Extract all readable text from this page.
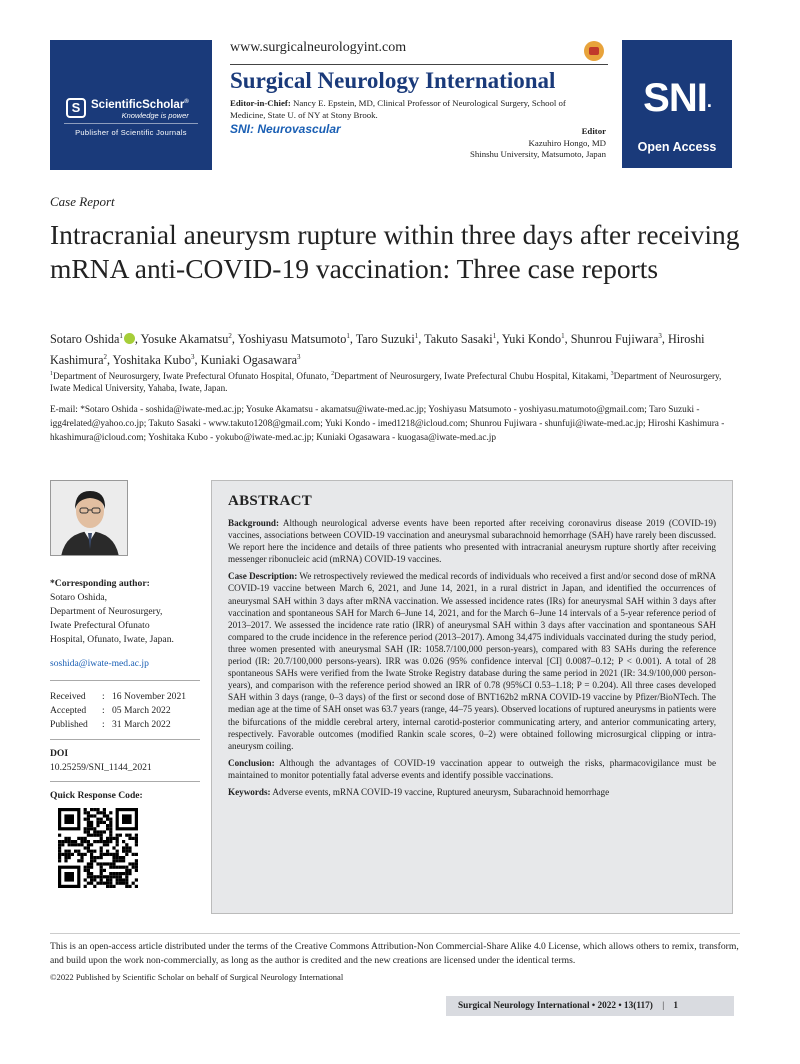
S ScientificScholar®
Knowledge is power
Publisher of Scientific Journals
www.surgicalneurologyint.com
Surgical Neurology International
Editor-in-Chief: Nancy E. Epstein, MD, Clinical Professor of Neurological Surgery, School of Medicine, State U. of NY at Stony Brook.
SNI: Neurovascular	Editor
Kazuhiro Hongo, MD
Shinshu University, Matsumoto, Japan
SNI.
Open Access
Case Report
Intracranial aneurysm rupture within three days after receiving mRNA anti-COVID-19 vaccination: Three case reports
Sotaro Oshida$^1$ , Yosuke Akamatsu$^2$, Yoshiyasu Matsumoto$^1$, Taro Suzuki$^1$, Takuto Sasaki$^1$, Yuki Kondo$^1$, Shunrou Fujiwara$^3$, Hiroshi Kashimura$^2$, Yoshitaka Kubo$^3$, Kuniaki Ogasawara$^3$
$^1$Department of Neurosurgery, Iwate Prefectural Ofunato Hospital, Ofunato, $^2$Department of Neurosurgery, Iwate Prefectural Chubu Hospital, Kitakami, $^3$Department of Neurosurgery, Iwate Medical University, Yahaba, Iwate, Japan.
E-mail: *Sotaro Oshida - soshida@iwate-med.ac.jp; Yosuke Akamatsu - akamatsu@iwate-med.ac.jp; Yoshiyasu Matsumoto - yoshiyasu.matumoto@gmail.com; Taro Suzuki - igg4related@yahoo.co.jp; Takuto Sasaki - www.takuto1208@gmail.com; Yuki Kondo - imed1218@icloud.com; Shunrou Fujiwara - shunfuji@iwate-med.ac.jp; Hiroshi Kashimura - hkashimura@icloud.com; Yoshitaka Kubo - yokubo@iwate-med.ac.jp; Kuniaki Ogasawara - kuogasa@iwate-med.ac.jp
*Corresponding author:
Sotaro Oshida,
Department of Neurosurgery,
Iwate Prefectural Ofunato
Hospital, Ofunato, Iwate, Japan.
soshida@iwate-med.ac.jp
Received	: 16 November 2021
Accepted	: 05 March 2022
Published	: 31 March 2022
DOI
10.25259/SNI_1144_2021
Quick Response Code:
ABSTRACT

Background: Although neurological adverse events have been reported after receiving coronavirus disease 2019 (COVID-19) vaccines, associations between COVID-19 vaccination and aneurysmal subarachnoid hemorrhage (SAH) have rarely been discussed. We report here the incidence and details of three patients who presented with intracranial aneurysm rupture shortly after receiving messenger ribonucleic acid (mRNA) COVID-19 vaccines.

Case Description: We retrospectively reviewed the medical records of individuals who received a first and/or second dose of mRNA COVID-19 vaccine between March 6, 2021, and June 14, 2021, in a rural district in Japan, and identified the occurrences of aneurysmal SAH within 3 days after mRNA vaccination. We assessed incidence rates (IRs) for aneurysmal SAH within 3 days after vaccination and spontaneous SAH for March 6–June 14, 2021, and for the March 6–June 14 intervals of a 5-year reference period of 2013–2017. We assessed the incidence rate ratio (IRR) of aneurysmal SAH within 3 days after vaccination and spontaneous SAH compared to the crude incidence in the reference period (2013–2017). Among 34,475 individuals vaccinated during the study period, three women presented with aneurysmal SAH (IR: 1058.7/100,000 person-years), compared with 83 SAHs during the reference period (IR: 20.7/100,000 persons-years). IRR was 0.026 (95% confidence interval [CI] 0.0087–0.12; P < 0.001). A total of 28 spontaneous SAHs were verified from the Iwate Stroke Registry database during the same period in 2021 (IR: 34.9/100,000 person-years), and comparison with the reference period showed an IRR of 0.78 (95%CI 0.53–1.18; P = 0.204). All three cases developed SAH within 3 days (range, 0–3 days) of the first or second dose of BNT162b2 mRNA COVID-19 vaccine by Pfizer/BioNTech. The median age at the time of SAH onset was 63.7 years (range, 44–75 years). Observed locations of ruptured aneurysms in patients were the bifurcations of the middle cerebral artery, internal carotid-posterior communicating artery, and anterior communicating artery, respectively. Favorable outcomes (modified Rankin scale scores, 0–2) were obtained following microsurgical clipping or intra-aneurysm coiling.

Conclusion: Although the advantages of COVID-19 vaccination appear to outweigh the risks, pharmacovigilance must be maintained to monitor potentially fatal adverse events and identify possible vaccinations.

Keywords: Adverse events, mRNA COVID-19 vaccine, Ruptured aneurysm, Subarachnoid hemorrhage

This is an open-access article distributed under the terms of the Creative Commons Attribution-Non Commercial-Share Alike 4.0 License, which allows others to remix, transform, and build upon the work non-commercially, as long as the author is credited and the new creations are licensed under the identical terms.
©2022 Published by Scientific Scholar on behalf of Surgical Neurology International
Surgical Neurology International • 2022 • 13(117) | 1
